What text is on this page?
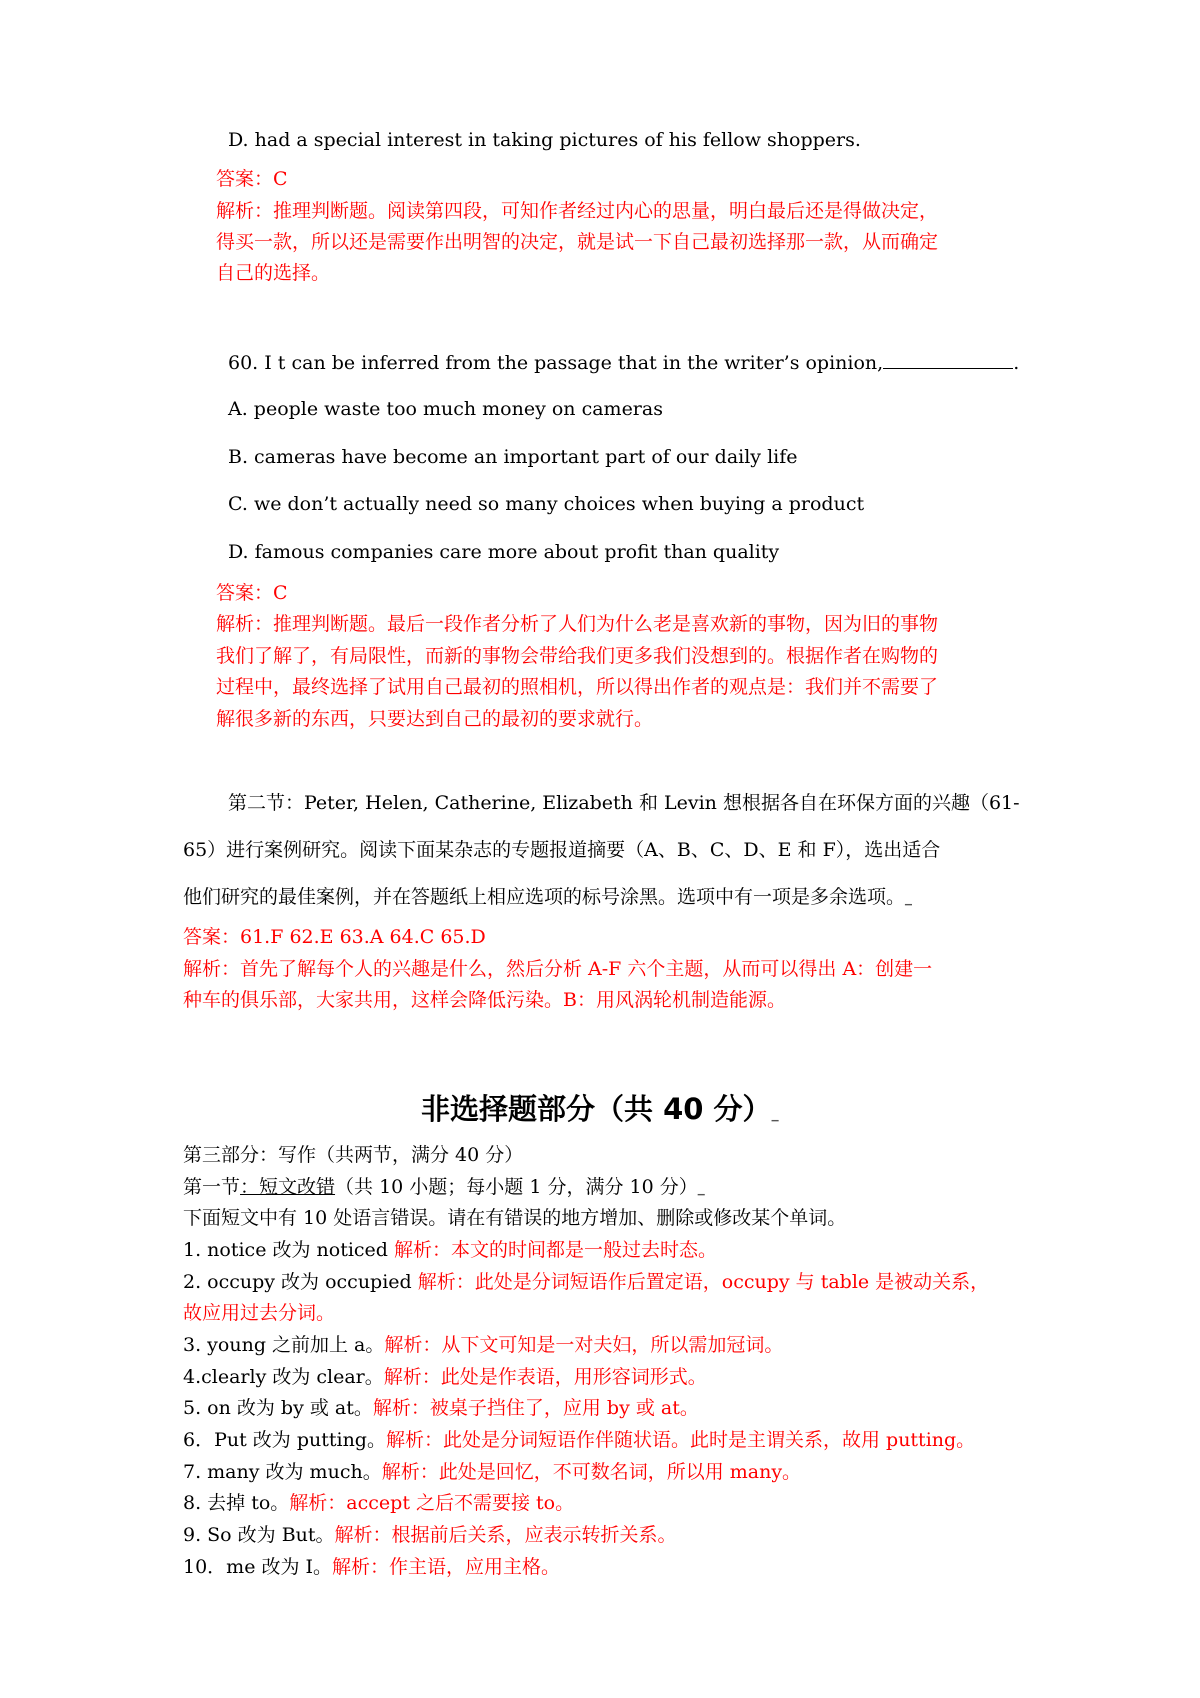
D. had a special interest in taking pictures of his fellow shoppers.
答案：C
解析：推理判断题。阅读第四段，可知作者经过内心的思量，明白最后还是得做决定，
得买一款，所以还是需要作出明智的决定，就是试一下自己最初选择那一款，从而确定
自己的选择。
60. I t can be inferred from the passage that in the writer’s opinion,	.
A. people waste too much money on cameras
B. cameras have become an important part of our daily life
C. we don’t actually need so many choices when buying a product
D. famous companies care more about profit than quality
答案：C
解析：推理判断题。最后一段作者分析了人们为什么老是喜欢新的事物，因为旧的事物
我们了解了，有局限性，而新的事物会带给我们更多我们没想到的。根据作者在购物的
过程中，最终选择了试用自己最初的照相机，所以得出作者的观点是：我们并不需要了
解很多新的东西，只要达到自己的最初的要求就行。
第二节：Peter, Helen, Catherine, Elizabeth 和 Levin 想根据各自在环保方面的兴趣（61-
65）进行案例研究。阅读下面某杂志的专题报道摘要（A、B、C、D、E 和 F），选出适合
他们研究的最佳案例，并在答题纸上相应选项的标号涂黑。选项中有一项是多余选项。▁
答案：61.F 62.E 63.A 64.C 65.D
解析：首先了解每个人的兴趣是什么，然后分析 A-F 六个主题，从而可以得出 A：创建一
种车的俱乐部，大家共用，这样会降低污染。B：用风涡轮机制造能源。
非选择题部分（共 40 分）▁
第三部分：写作（共两节，满分 40 分）
第一节：短文改错（共 10 小题；每小题 1 分，满分 10 分）▁
下面短文中有 10 处语言错误。请在有错误的地方增加、删除或修改某个单词。
1. notice 改为 noticed 解析：本文的时间都是一般过去时态。
2. occupy 改为 occupied 解析：此处是分词短语作后置定语，occupy 与 table 是被动关系，
故应用过去分词。
3. young 之前加上 a。解析：从下文可知是一对夫妇，所以需加冠词。
4.clearly 改为 clear。解析：此处是作表语，用形容词形式。
5. on 改为 by 或 at。解析：被桌子挡住了，应用 by 或 at。
6．Put 改为 putting。解析：此处是分词短语作伴随状语。此时是主谓关系，故用 putting。
7. many 改为 much。解析：此处是回忆，不可数名词，所以用 many。
8. 去掉 to。解析：accept 之后不需要接 to。
9. So 改为 But。解析：根据前后关系，应表示转折关系。
10．me 改为 I。解析：作主语，应用主格。
